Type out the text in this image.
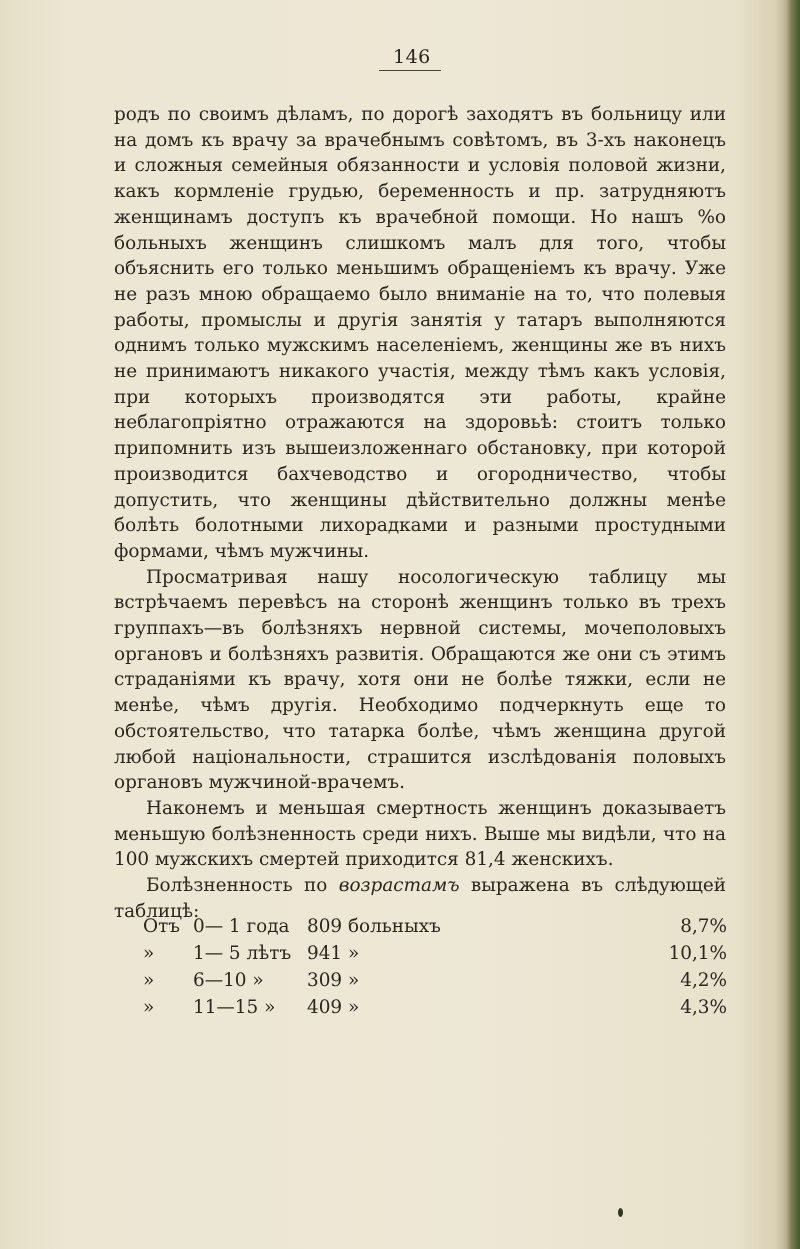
146

родъ по своимъ дѣламъ, по дорогѣ заходятъ въ больницу или на домъ къ врачу за врачебнымъ совѣтомъ, въ 3-хъ наконецъ и сложныя семейныя обязанности и условія половой жизни, какъ кормленіе грудью, беременность и пр. затрудняютъ женщинамъ доступъ къ врачебной помощи. Но нашъ %o больныхъ женщинъ слишкомъ малъ для того, чтобы объяснить его только меньшимъ обращеніемъ къ врачу. Уже не разъ мною обращаемо было вниманіе на то, что полевыя работы, промыслы и другія занятія у татаръ выполняются однимъ только мужскимъ населеніемъ, женщины же въ нихъ не принимаютъ никакого участія, между тѣмъ какъ условія, при которыхъ производятся эти работы, крайне неблагопріятно отражаются на здоровьѣ: стоитъ только припомнить изъ вышеизложеннаго обстановку, при которой производится бахчеводство и огородничество, чтобы допустить, что женщины дѣйствительно должны менѣе болѣть болотными лихорадками и разными простудными формами, чѣмъ мужчины.

Просматривая нашу носологическую таблицу мы встрѣчаемъ перевѣсъ на сторонѣ женщинъ только въ трехъ группахъ—въ болѣзняхъ нервной системы, мочеполовыхъ органовъ и болѣзняхъ развитія. Обращаются же они съ этимъ страданіями къ врачу, хотя они не болѣе тяжки, если не менѣе, чѣмъ другія. Необходимо подчеркнуть еще то обстоятельство, что татарка болѣе, чѣмъ женщина другой любой національности, страшится изслѣдованія половыхъ органовъ мужчиной-врачемъ.

Наконемъ и меньшая смертность женщинъ доказываетъ меньшую болѣзненность среди нихъ. Выше мы видѣли, что на 100 мужскихъ смертей приходится 81,4 женскихъ.

Болѣзненность по возрастамъ выражена въ слѣдующей таблицѣ:

Отъ	0— 1 года	809 больныхъ	8,7%
»	1— 5 лѣтъ	941 »	10,1%
»	6—10 »	309 »	4,2%
»	11—15 »	409 »	4,3%
